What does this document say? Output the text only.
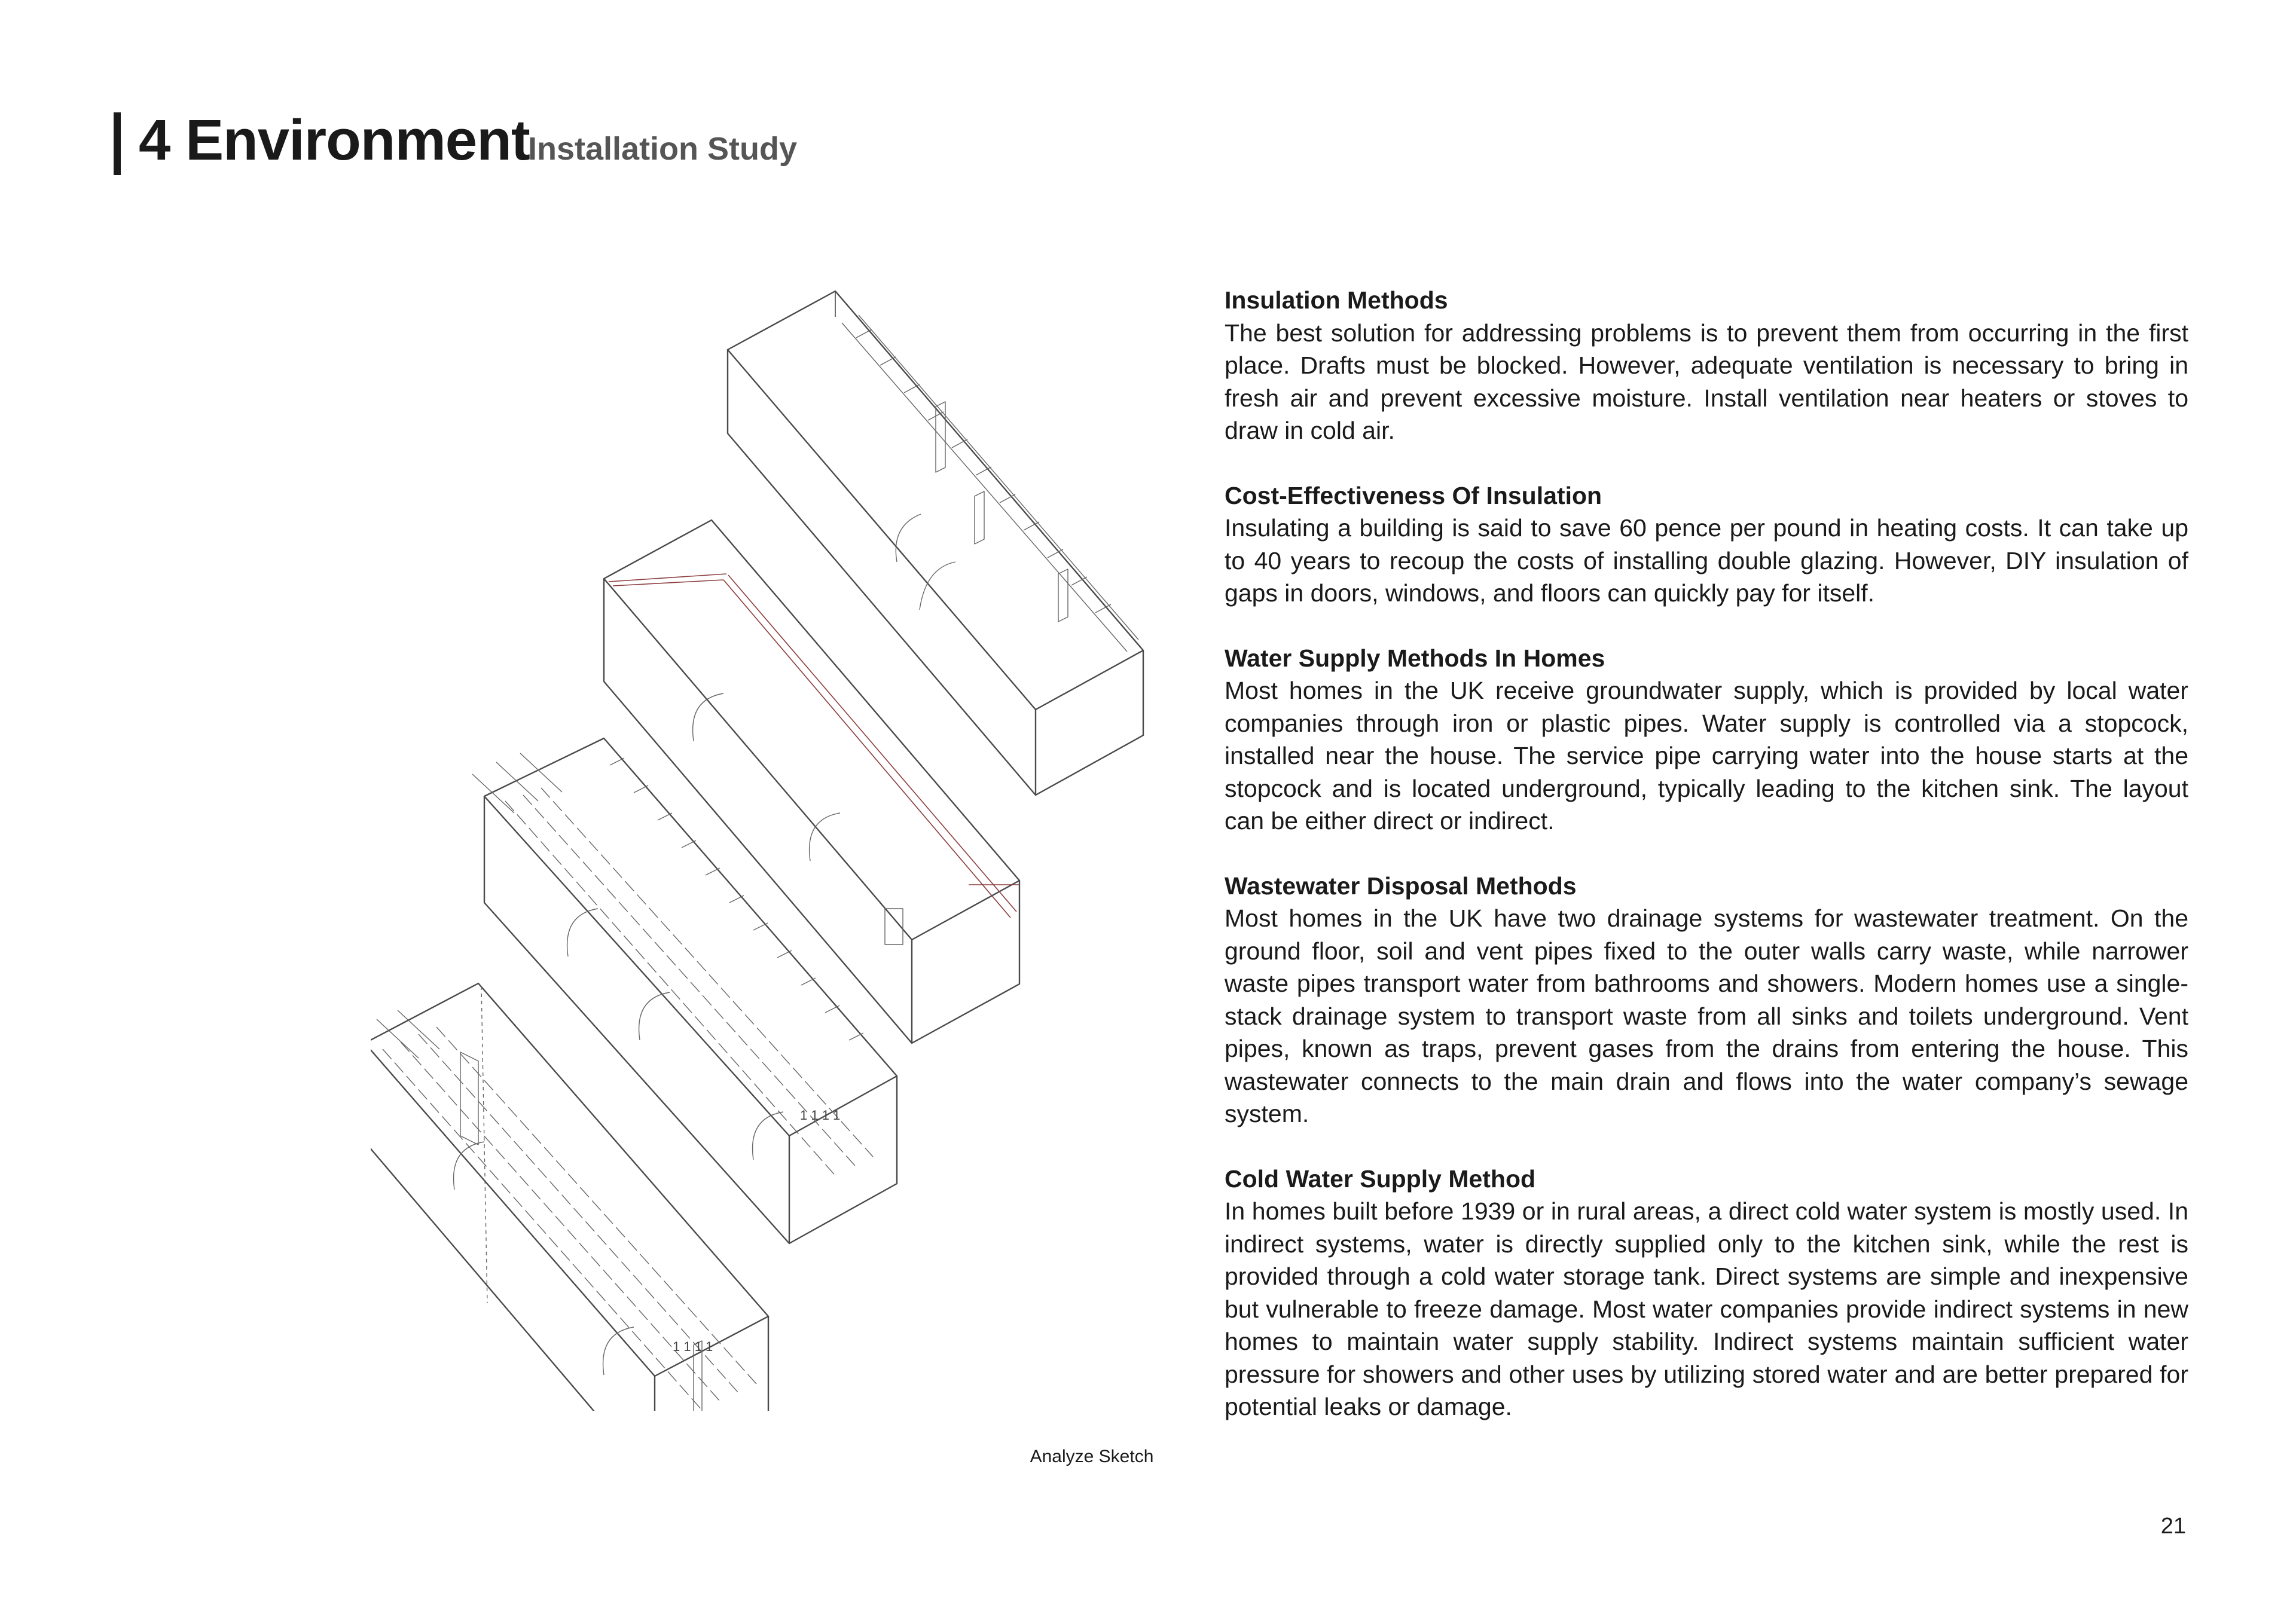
4 Environment
Installation Study
1 1 1 1
1 1 1 1
Analyze Sketch
Insulation Methods

The best solution for addressing problems is to prevent them from occurring in the first place. Drafts must be blocked. However, adequate ventilation is necessary to bring in fresh air and prevent excessive moisture. Install ventilation near heaters or stoves to draw in cold air.

Cost-Effectiveness Of Insulation

Insulating a building is said to save 60 pence per pound in heating costs. It can take up to 40 years to recoup the costs of installing double glazing. However, DIY insulation of gaps in doors, windows, and floors can quickly pay for itself.

Water Supply Methods In Homes

Most homes in the UK receive groundwater supply, which is provided by local water companies through iron or plastic pipes. Water supply is controlled via a stopcock, installed near the house. The service pipe carrying water into the house starts at the stopcock and is located underground, typically leading to the kitchen sink. The layout can be either direct or indirect.

Wastewater Disposal Methods

Most homes in the UK have two drainage systems for wastewater treatment. On the ground floor, soil and vent pipes fixed to the outer walls carry waste, while narrower waste pipes transport water from bathrooms and showers. Modern homes use a single-stack drainage system to transport waste from all sinks and toilets underground. Vent pipes, known as traps, prevent gases from the drains from entering the house. This wastewater connects to the main drain and flows into the water company’s sewage system.

Cold Water Supply Method

In homes built before 1939 or in rural areas, a direct cold water system is mostly used. In indirect systems, water is directly supplied only to the kitchen sink, while the rest is provided through a cold water storage tank. Direct systems are simple and inexpensive but vulnerable to freeze damage. Most water companies provide indirect systems in new homes to maintain water supply stability. Indirect systems maintain sufficient water pressure for showers and other uses by utilizing stored water and are better prepared for potential leaks or damage.

21
